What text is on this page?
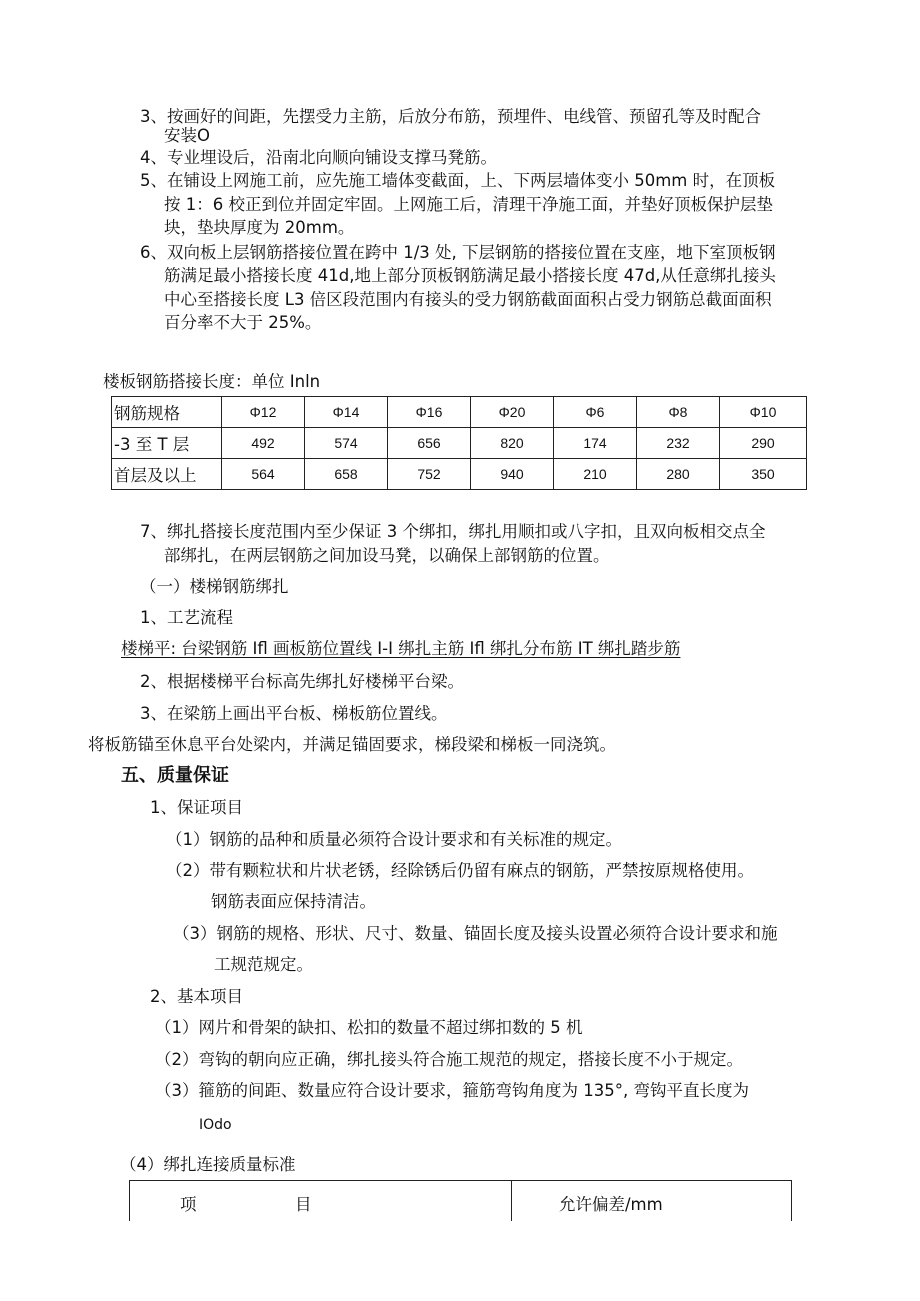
3、按画好的间距，先摆受力主筋，后放分布筋，预埋件、电线管、预留孔等及时配合
安装O
4、专业埋设后，沿南北向顺向铺设支撑马凳筋。
5、在铺设上网施工前，应先施工墙体变截面，上、下两层墙体变小 50mm 时，在顶板
按 1：6 校正到位并固定牢固。上网施工后，清理干净施工面，并垫好顶板保护层垫
块，垫块厚度为 20mm。
6、双向板上层钢筋搭接位置在跨中 1/3 处, 下层钢筋的搭接位置在支座，地下室顶板钢
筋满足最小搭接长度 41d,地上部分顶板钢筋满足最小搭接长度 47d,从任意绑扎接头
中心至搭接长度 L3 倍区段范围内有接头的受力钢筋截面面积占受力钢筋总截面面积
百分率不大于 25%。
楼板钢筋搭接长度：单位 Inln
钢筋规格	Φ12	Φ14	Φ16	Φ20	Φ6	Φ8	Φ10
-3 至 T 层	492	574	656	820	174	232	290
首层及以上	564	658	752	940	210	280	350
7、绑扎搭接长度范围内至少保证 3 个绑扣，绑扎用顺扣或八字扣，且双向板相交点全
部绑扎，在两层钢筋之间加设马凳，以确保上部钢筋的位置。
（一）楼梯钢筋绑扎
1、工艺流程
楼梯平: 台梁钢筋 Ifl 画板筋位置线 I-I 绑扎主筋 Ifl 绑扎分布筋 IT 绑扎踏步筋
2、根据楼梯平台标高先绑扎好楼梯平台梁。
3、在梁筋上画出平台板、梯板筋位置线。
将板筋锚至休息平台处梁内，并满足锚固要求，梯段梁和梯板一同浇筑。
五、质量保证
1、保证项目
（1）钢筋的品种和质量必须符合设计要求和有关标准的规定。
（2）带有颗粒状和片状老锈，经除锈后仍留有麻点的钢筋，严禁按原规格使用。
钢筋表面应保持清洁。
（3）钢筋的规格、形状、尺寸、数量、锚固长度及接头设置必须符合设计要求和施
工规范规定。
2、基本项目
（1）网片和骨架的缺扣、松扣的数量不超过绑扣数的 5 机
（2）弯钩的朝向应正确，绑扎接头符合施工规范的规定，搭接长度不小于规定。
（3）箍筋的间距、数量应符合设计要求，箍筋弯钩角度为 135°, 弯钩平直长度为
IOdo
（4）绑扎连接质量标准
项	目	允许偏差/mm
